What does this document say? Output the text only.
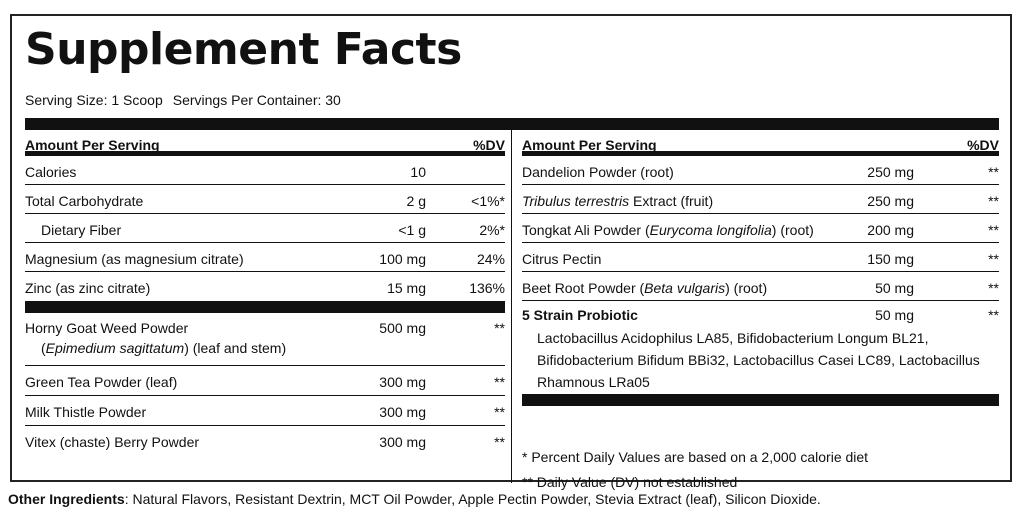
Supplement Facts
Serving Size: 1 Scoop Servings Per Container: 30
Amount Per Serving	%DV
Calories	10
Total Carbohydrate	2 g	<1%*
Dietary Fiber	<1 g	2%*
Magnesium (as magnesium citrate)	100 mg	24%
Zinc (as zinc citrate)	15 mg	136%
Horny Goat Weed Powder
(Epimedium sagittatum) (leaf and stem)
500 mg	**
Green Tea Powder (leaf)	300 mg	**
Milk Thistle Powder	300 mg	**
Vitex (chaste) Berry Powder	300 mg	**
Amount Per Serving	%DV
Dandelion Powder (root)	250 mg	**
Tribulus terrestris Extract (fruit)	250 mg	**
Tongkat Ali Powder (Eurycoma longifolia) (root)	200 mg	**
Citrus Pectin	150 mg	**
Beet Root Powder (Beta vulgaris) (root)	50 mg	**
5 Strain Probiotic	50 mg	**
Lactobacillus Acidophilus LA85, Bifidobacterium Longum BL21, Bifidobacterium Bifidum BBi32, Lactobacillus Casei LC89, Lactobacillus Rhamnous LRa05
* Percent Daily Values are based on a 2,000 calorie diet
** Daily Value (DV) not established
Other Ingredients: Natural Flavors, Resistant Dextrin, MCT Oil Powder, Apple Pectin Powder, Stevia Extract (leaf), Silicon Dioxide.
